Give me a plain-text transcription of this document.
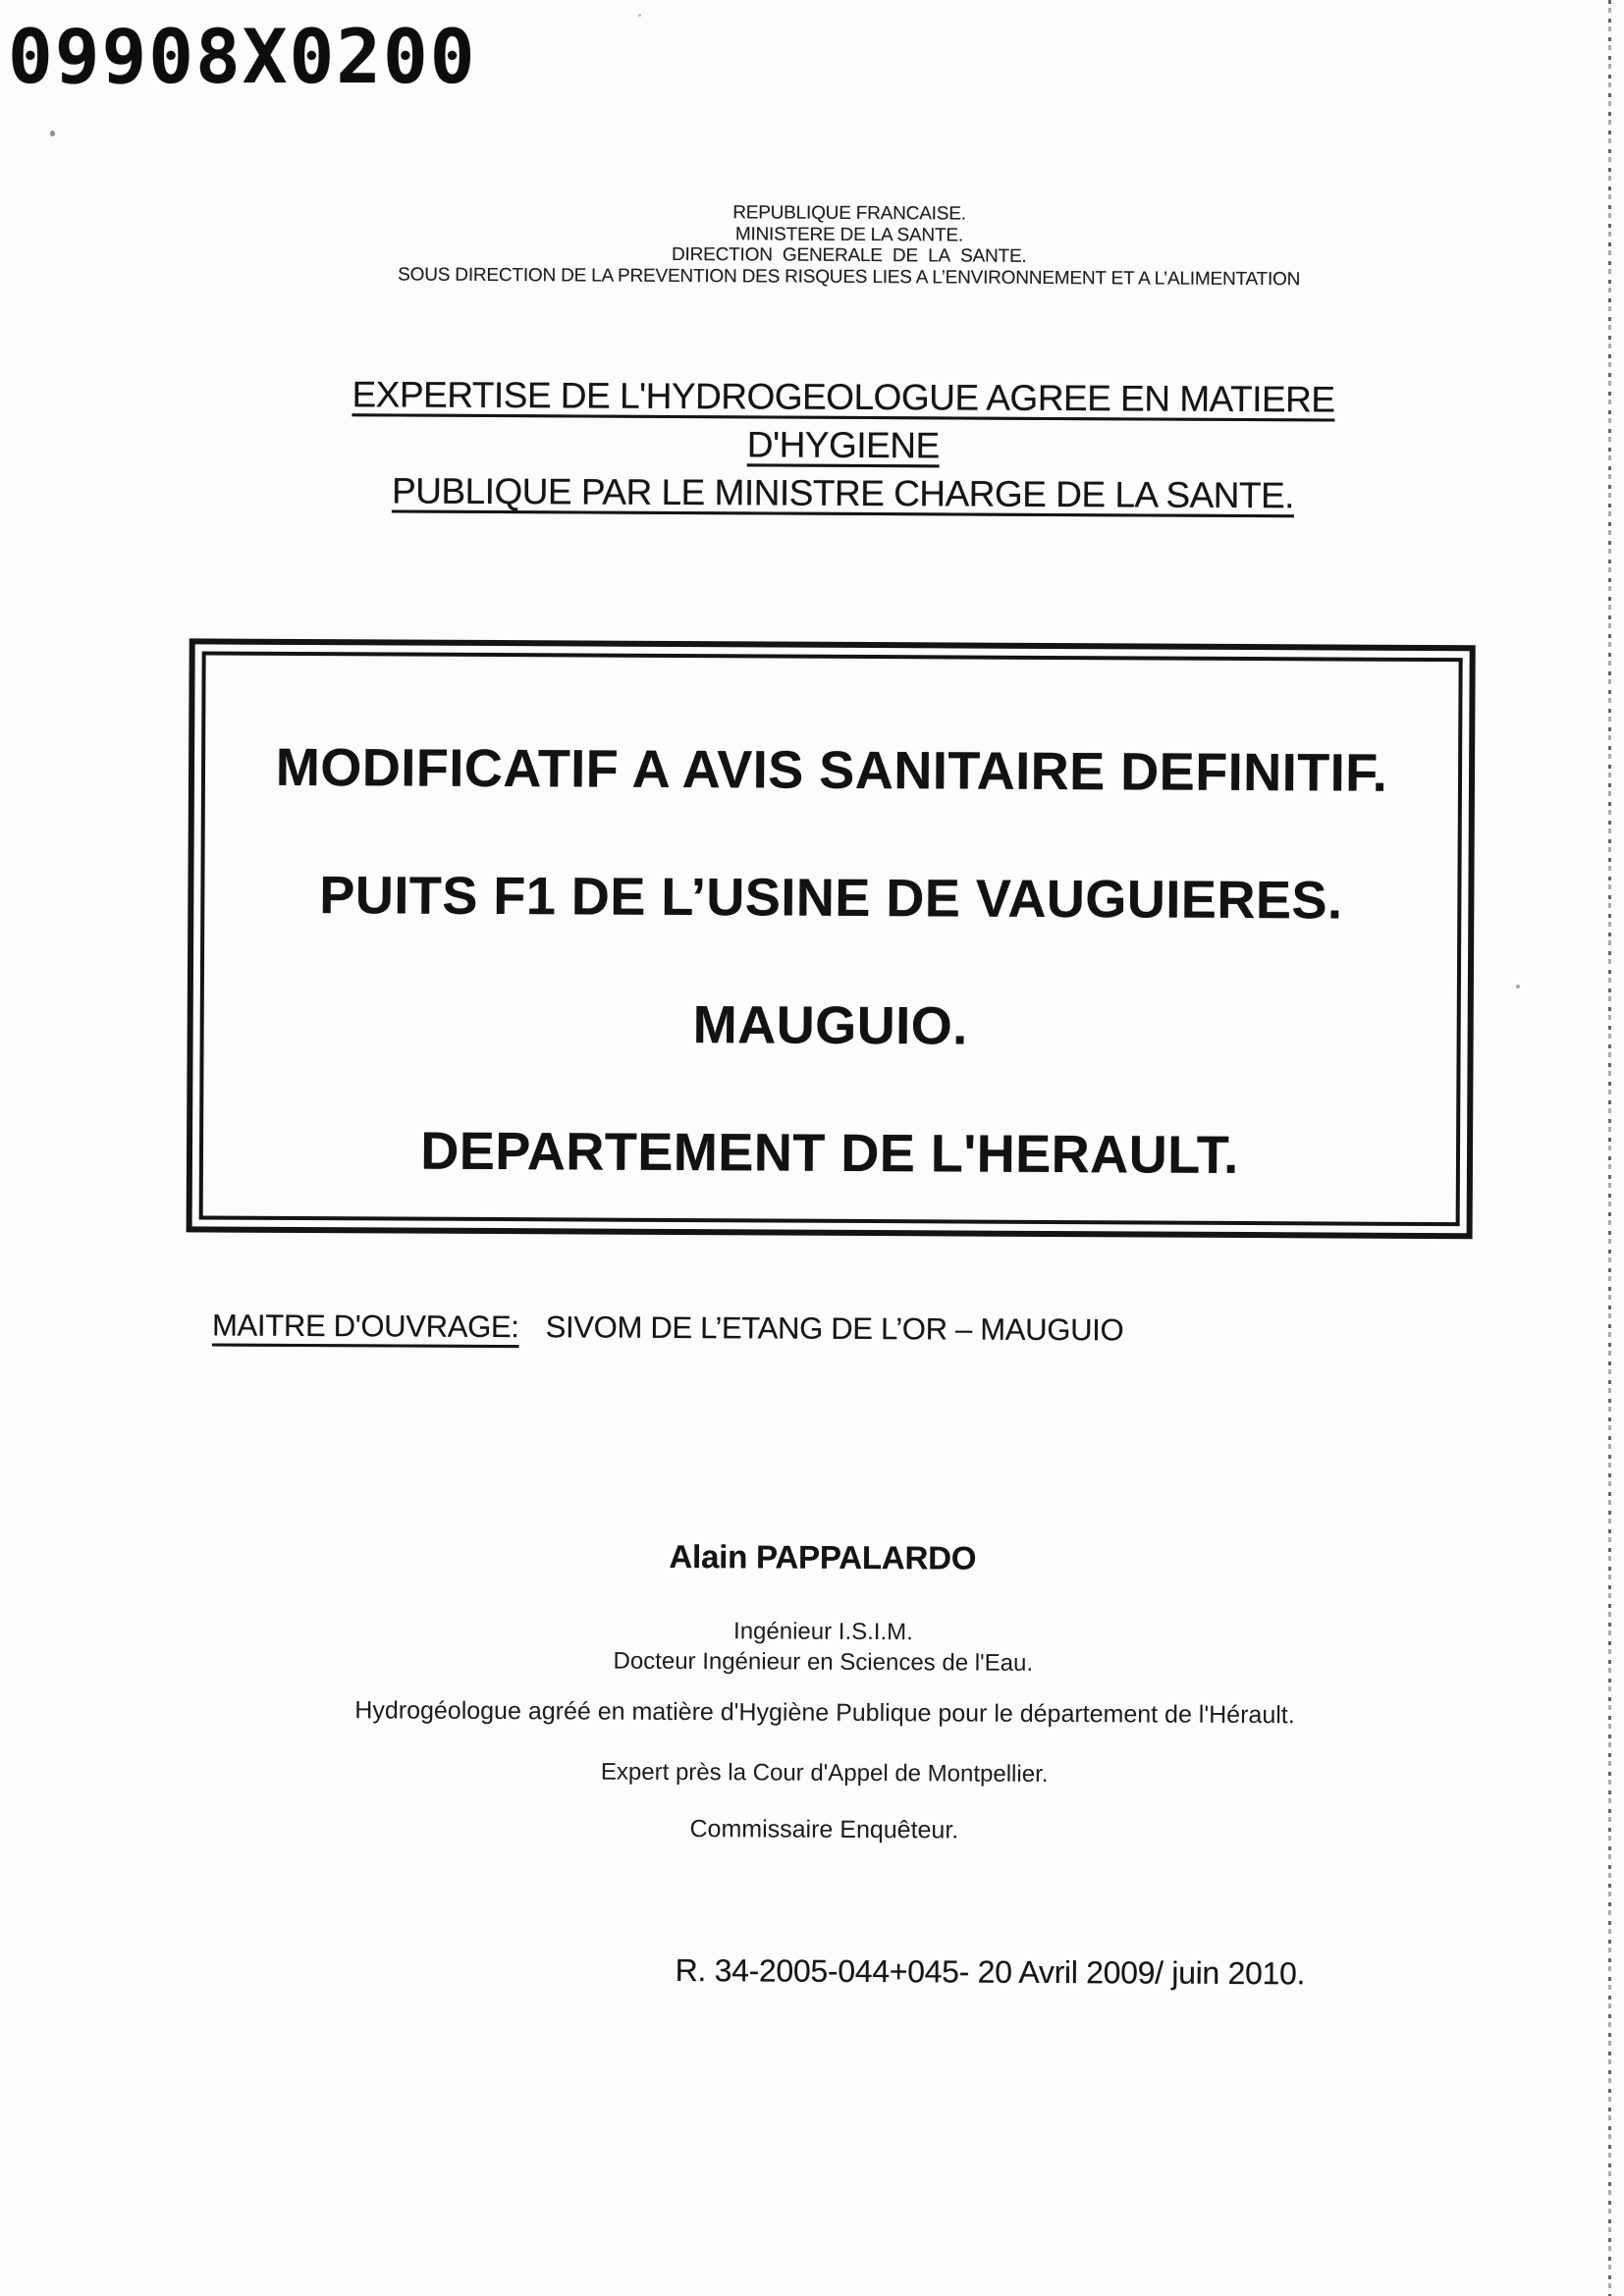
09908X0200
REPUBLIQUE FRANCAISE.
MINISTERE DE LA SANTE.
DIRECTION  GENERALE  DE  LA  SANTE.
SOUS DIRECTION DE LA PREVENTION DES RISQUES LIES A L’ENVIRONNEMENT ET A L’ALIMENTATION
EXPERTISE DE L'HYDROGEOLOGUE AGREE EN MATIERE D'HYGIENE
PUBLIQUE PAR LE MINISTRE CHARGE DE LA SANTE.
MODIFICATIF A AVIS SANITAIRE DEFINITIF.
PUITS F1 DE L’USINE DE VAUGUIERES.
MAUGUIO.
DEPARTEMENT DE L'HERAULT.
MAITRE D'OUVRAGE: SIVOM DE L’ETANG DE L’OR – MAUGUIO
Alain PAPPALARDO
Ingénieur I.S.I.M.
Docteur Ingénieur en Sciences de l'Eau.
Hydrogéologue agréé en matière d'Hygiène Publique pour le département de l'Hérault.
Expert près la Cour d'Appel de Montpellier.
Commissaire Enquêteur.
R. 34-2005-044+045- 20 Avril 2009/ juin 2010.
